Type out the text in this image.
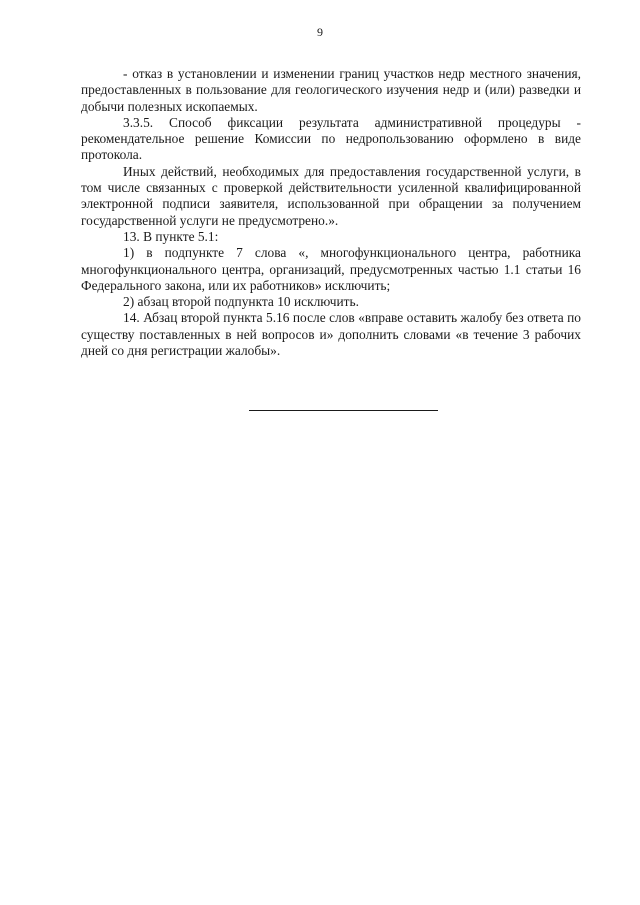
9

- отказ в установлении и изменении границ участков недр местного значения, предоставленных в пользование для геологического изучения недр и (или) разведки и добычи полезных ископаемых.

3.3.5. Способ фиксации результата административной процедуры - рекомендательное решение Комиссии по недропользованию оформлено в виде протокола.

Иных действий, необходимых для предоставления государственной услуги, в том числе связанных с проверкой действительности усиленной квалифицированной электронной подписи заявителя, использованной при обращении за получением государственной услуги не предусмотрено.».

13. В пункте 5.1:

1) в подпункте 7 слова «, многофункционального центра, работника многофункционального центра, организаций, предусмотренных частью 1.1 статьи 16 Федерального закона, или их работников» исключить;

2) абзац второй подпункта 10 исключить.

14. Абзац второй пункта 5.16 после слов «вправе оставить жалобу без ответа по существу поставленных в ней вопросов и» дополнить словами «в течение 3 рабочих дней со дня регистрации жалобы».
